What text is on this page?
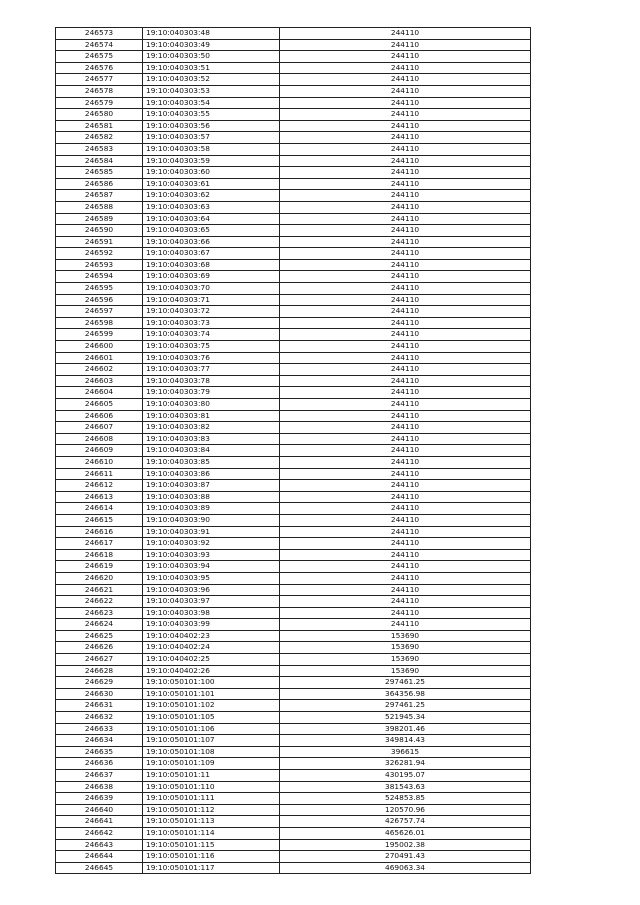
246573	19:10:040303:48	244110
246574	19:10:040303:49	244110
246575	19:10:040303:50	244110
246576	19:10:040303:51	244110
246577	19:10:040303:52	244110
246578	19:10:040303:53	244110
246579	19:10:040303:54	244110
246580	19:10:040303:55	244110
246581	19:10:040303:56	244110
246582	19:10:040303:57	244110
246583	19:10:040303:58	244110
246584	19:10:040303:59	244110
246585	19:10:040303:60	244110
246586	19:10:040303:61	244110
246587	19:10:040303:62	244110
246588	19:10:040303:63	244110
246589	19:10:040303:64	244110
246590	19:10:040303:65	244110
246591	19:10:040303:66	244110
246592	19:10:040303:67	244110
246593	19:10:040303:68	244110
246594	19:10:040303:69	244110
246595	19:10:040303:70	244110
246596	19:10:040303:71	244110
246597	19:10:040303:72	244110
246598	19:10:040303:73	244110
246599	19:10:040303:74	244110
246600	19:10:040303:75	244110
246601	19:10:040303:76	244110
246602	19:10:040303:77	244110
246603	19:10:040303:78	244110
246604	19:10:040303:79	244110
246605	19:10:040303:80	244110
246606	19:10:040303:81	244110
246607	19:10:040303:82	244110
246608	19:10:040303:83	244110
246609	19:10:040303:84	244110
246610	19:10:040303:85	244110
246611	19:10:040303:86	244110
246612	19:10:040303:87	244110
246613	19:10:040303:88	244110
246614	19:10:040303:89	244110
246615	19:10:040303:90	244110
246616	19:10:040303:91	244110
246617	19:10:040303:92	244110
246618	19:10:040303:93	244110
246619	19:10:040303:94	244110
246620	19:10:040303:95	244110
246621	19:10:040303:96	244110
246622	19:10:040303:97	244110
246623	19:10:040303:98	244110
246624	19:10:040303:99	244110
246625	19:10:040402:23	153690
246626	19:10:040402:24	153690
246627	19:10:040402:25	153690
246628	19:10:040402:26	153690
246629	19:10:050101:100	297461.25
246630	19:10:050101:101	364356.98
246631	19:10:050101:102	297461.25
246632	19:10:050101:105	521945.34
246633	19:10:050101:106	398201.46
246634	19:10:050101:107	349814.43
246635	19:10:050101:108	396615
246636	19:10:050101:109	326281.94
246637	19:10:050101:11	430195.07
246638	19:10:050101:110	381543.63
246639	19:10:050101:111	524853.85
246640	19:10:050101:112	120570.96
246641	19:10:050101:113	426757.74
246642	19:10:050101:114	465626.01
246643	19:10:050101:115	195002.38
246644	19:10:050101:116	270491.43
246645	19:10:050101:117	469063.34
